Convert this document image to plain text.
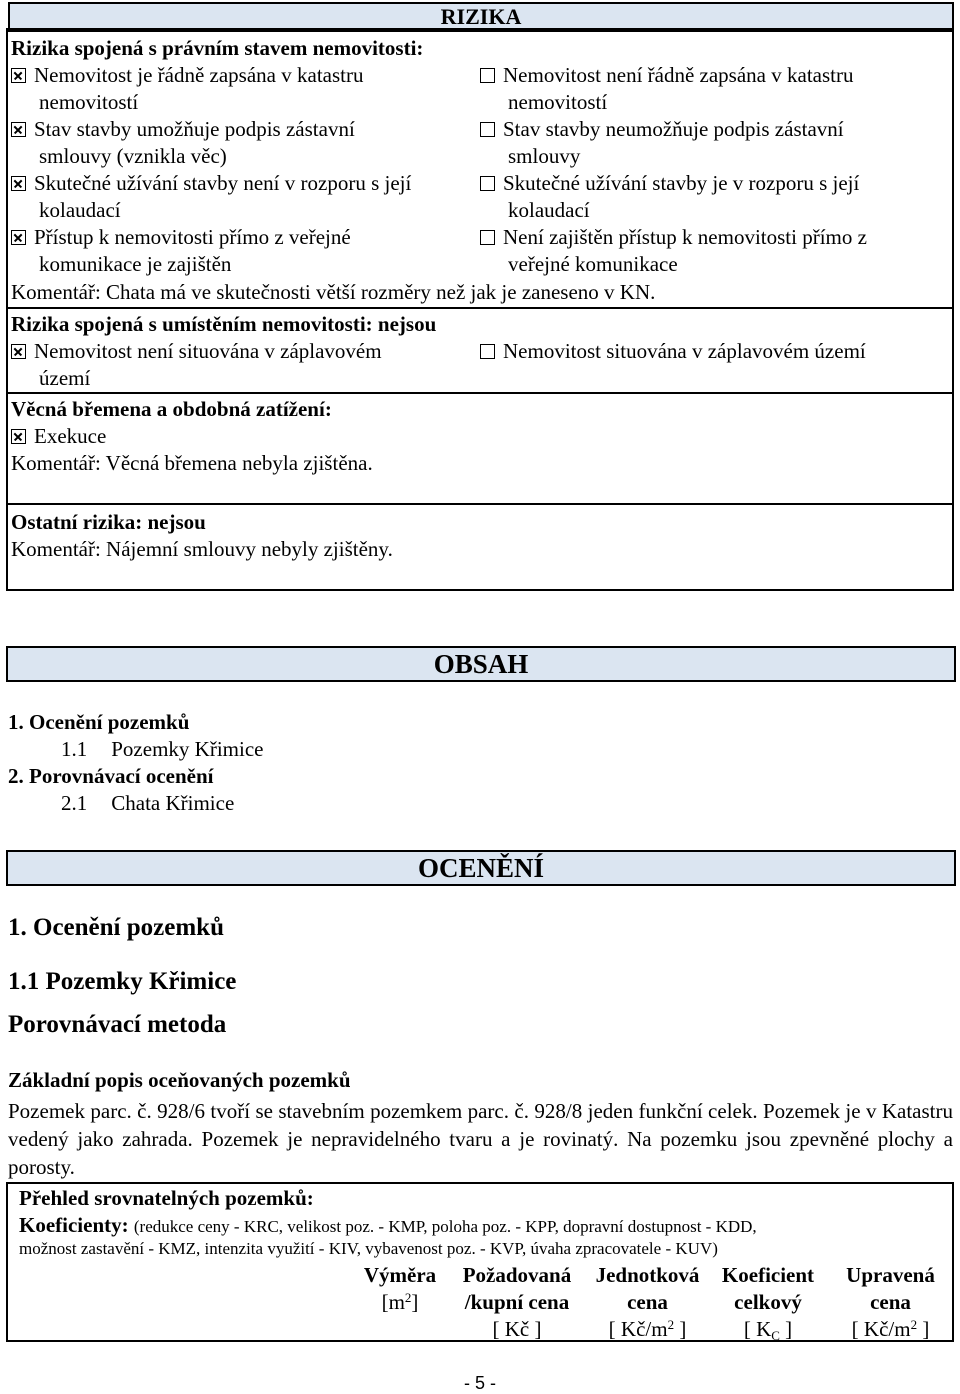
RIZIKA
Rizika spojená s právním stavem nemovitosti:
Nemovitost je řádně zapsána v katastru
nemovitostí
Nemovitost není řádně zapsána v katastru
nemovitostí
Stav stavby umožňuje podpis zástavní
smlouvy (vznikla věc)
Stav stavby neumožňuje podpis zástavní
smlouvy
Skutečné užívání stavby není v rozporu s její
kolaudací
Skutečné užívání stavby je v rozporu s její
kolaudací
Přístup k nemovitosti přímo z veřejné
komunikace je zajištěn
Není zajištěn přístup k nemovitosti přímo z
veřejné komunikace
Komentář: Chata má ve skutečnosti větší rozměry než jak je zaneseno v KN.
Rizika spojená s umístěním nemovitosti: nejsou
Nemovitost není situována v záplavovém
území
Nemovitost situována v záplavovém území
Věcná břemena a obdobná zatížení:
Exekuce
Komentář: Věcná břemena nebyla zjištěna.
Ostatní rizika: nejsou
Komentář: Nájemní smlouvy nebyly zjištěny.
OBSAH
1. Ocenění pozemků
1.1 Pozemky Křimice
2. Porovnávací ocenění
2.1 Chata Křimice
OCENĚNÍ
1. Ocenění pozemků
1.1 Pozemky Křimice
Porovnávací metoda
Základní popis oceňovaných pozemků
Pozemek parc. č. 928/6 tvoří se stavebním pozemkem parc. č. 928/8 jeden funkční celek. Pozemek je v Katastru vedený jako zahrada. Pozemek je nepravidelného tvaru a je rovinatý. Na pozemku jsou zpevněné plochy a porosty.
Přehled srovnatelných pozemků:
Koeficienty: (redukce ceny - KRC, velikost poz. - KMP, poloha poz. - KPP, dopravní dostupnost - KDD,
možnost zastavění - KMZ, intenzita využití - KIV, vybavenost poz. - KVP, úvaha zpracovatele - KUV)
Výměra
$[m^2]$
Požadovaná
/kupní cena
[ Kč ]
Jednotková
cena
[ $Kč/m^2$ ]
Koeficient
celkový
[ $K_C$ ]
Upravená
cena
[ $Kč/m^2$ ]
- 5 -
